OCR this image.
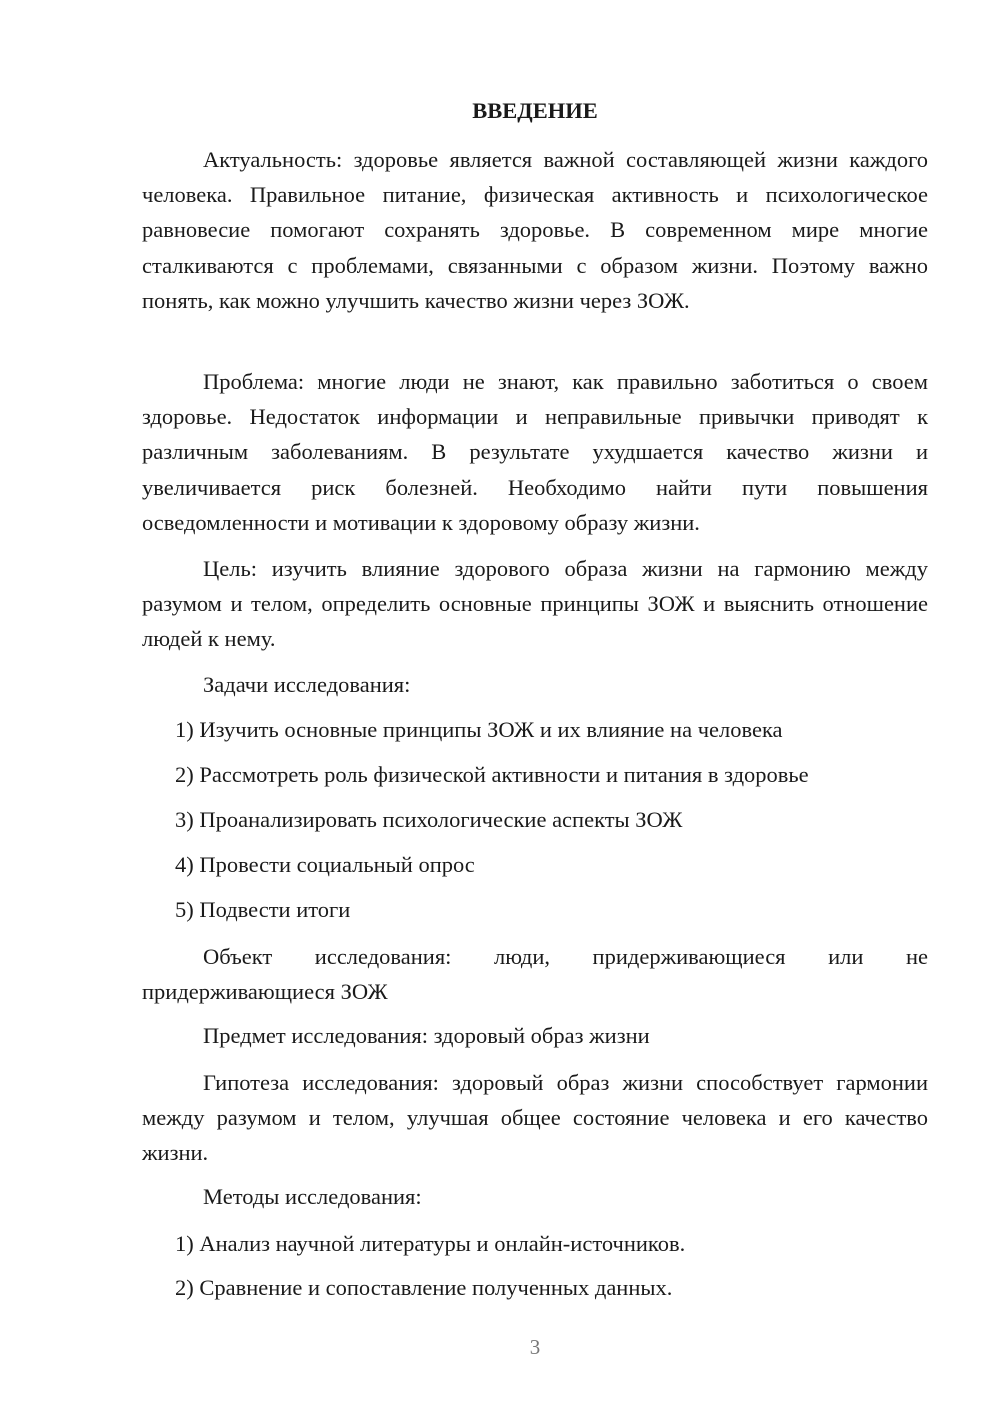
ВВЕДЕНИЕ

Актуальность: здоровье является важной составляющей жизни каждого человека. Правильное питание, физическая активность и психологическое равновесие помогают сохранять здоровье. В современном мире многие сталкиваются с проблемами, связанными с образом жизни. Поэтому важно понять, как можно улучшить качество жизни через ЗОЖ.

Проблема: многие люди не знают, как правильно заботиться о своем здоровье. Недостаток информации и неправильные привычки приводят к различным заболеваниям. В результате ухудшается качество жизни и увеличивается риск болезней. Необходимо найти пути повышения осведомленности и мотивации к здоровому образу жизни.

Цель: изучить влияние здорового образа жизни на гармонию между разумом и телом, определить основные принципы ЗОЖ и выяснить отношение людей к нему.

Задачи исследования:

1) Изучить основные принципы ЗОЖ и их влияние на человека

2) Рассмотреть роль физической активности и питания в здоровье

3) Проанализировать психологические аспекты ЗОЖ

4) Провести социальный опрос

5) Подвести итоги

Объект исследования: люди, придерживающиеся или не придерживающиеся ЗОЖ

Предмет исследования: здоровый образ жизни

Гипотеза исследования: здоровый образ жизни способствует гармонии между разумом и телом, улучшая общее состояние человека и его качество жизни.

Методы исследования:

1) Анализ научной литературы и онлайн-источников.

2) Сравнение и сопоставление полученных данных.

3
